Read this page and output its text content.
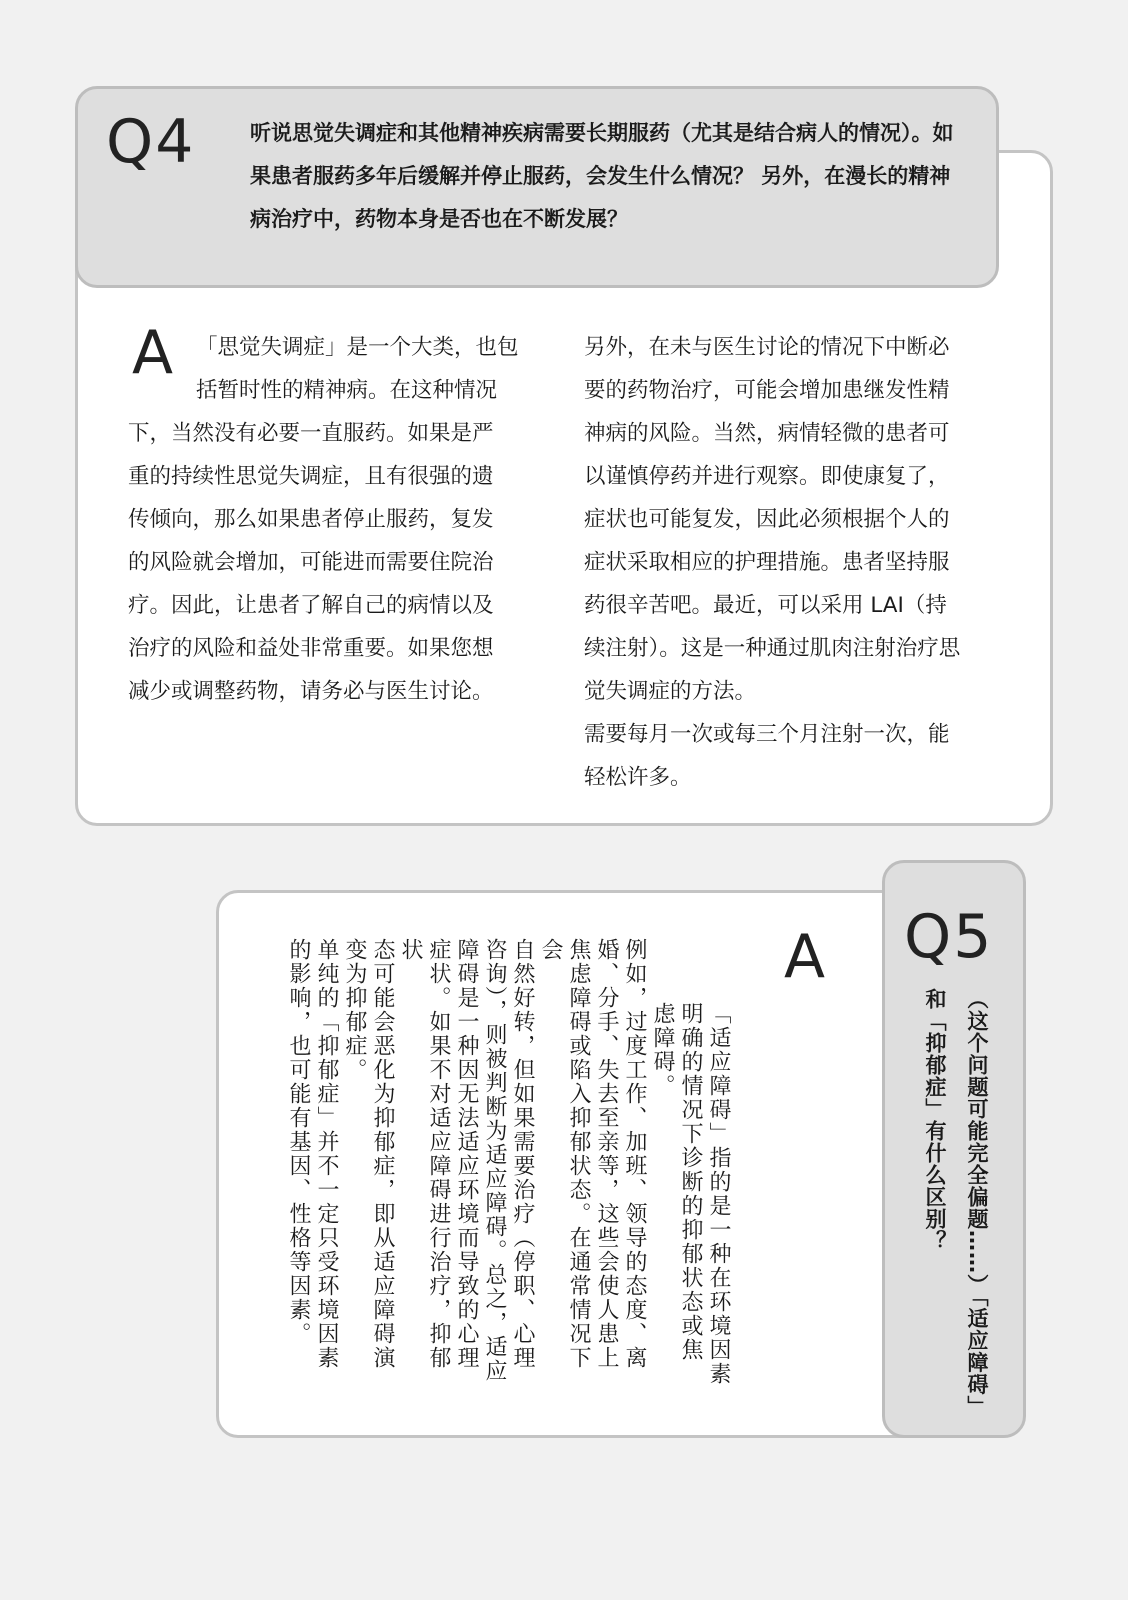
Q4	听说思觉失调症和其他精神疾病需要长期服药（尤其是结合病人的情况）。如果患者服药多年后缓解并停止服药，会发生什么情况？ 另外，在漫长的精神病治疗中，药物本身是否也在不断发展？

A	「思觉失调症」是一个大类，也包

括暂时性的精神病。在这种情况

下，当然没有必要一直服药。如果是严

重的持续性思觉失调症，且有很强的遗

传倾向，那么如果患者停止服药，复发

的风险就会增加，可能进而需要住院治

疗。因此，让患者了解自己的病情以及

治疗的风险和益处非常重要。如果您想

减少或调整药物，请务必与医生讨论。

另外，在未与医生讨论的情况下中断必

要的药物治疗，可能会增加患继发性精

神病的风险。当然，病情轻微的患者可

以谨慎停药并进行观察。即使康复了，

症状也可能复发，因此必须根据个人的

症状采取相应的护理措施。患者坚持服

药很辛苦吧。最近，可以采用 LAI（持

续注射）。这是一种通过肌肉注射治疗思

觉失调症的方法。

需要每月一次或每三个月注射一次，能

轻松许多。

Q5
（这个问题可能完全偏题……）「适应障碍」和「抑郁症」有什么区别？
A

「适应障碍」指的是一种在环境因素

明确的情况下诊断的抑郁状态或焦

虑障碍。

例如，过度工作、加班、领导的态度、离

婚、分手、失去至亲等，这些会使人患上

焦虑障碍或陷入抑郁状态。在通常情况下会

自然好转，但如果需要治疗（停职、心理

咨询），则被判断为适应障碍。总之，适应

障碍是一种因无法适应环境而导致的心理

症状。如果不对适应障碍进行治疗，抑郁状

态可能会恶化为抑郁症，即从适应障碍演

变为抑郁症。

单纯的「抑郁症」并不一定只受环境因素

的影响，也可能有基因、性格等因素。
